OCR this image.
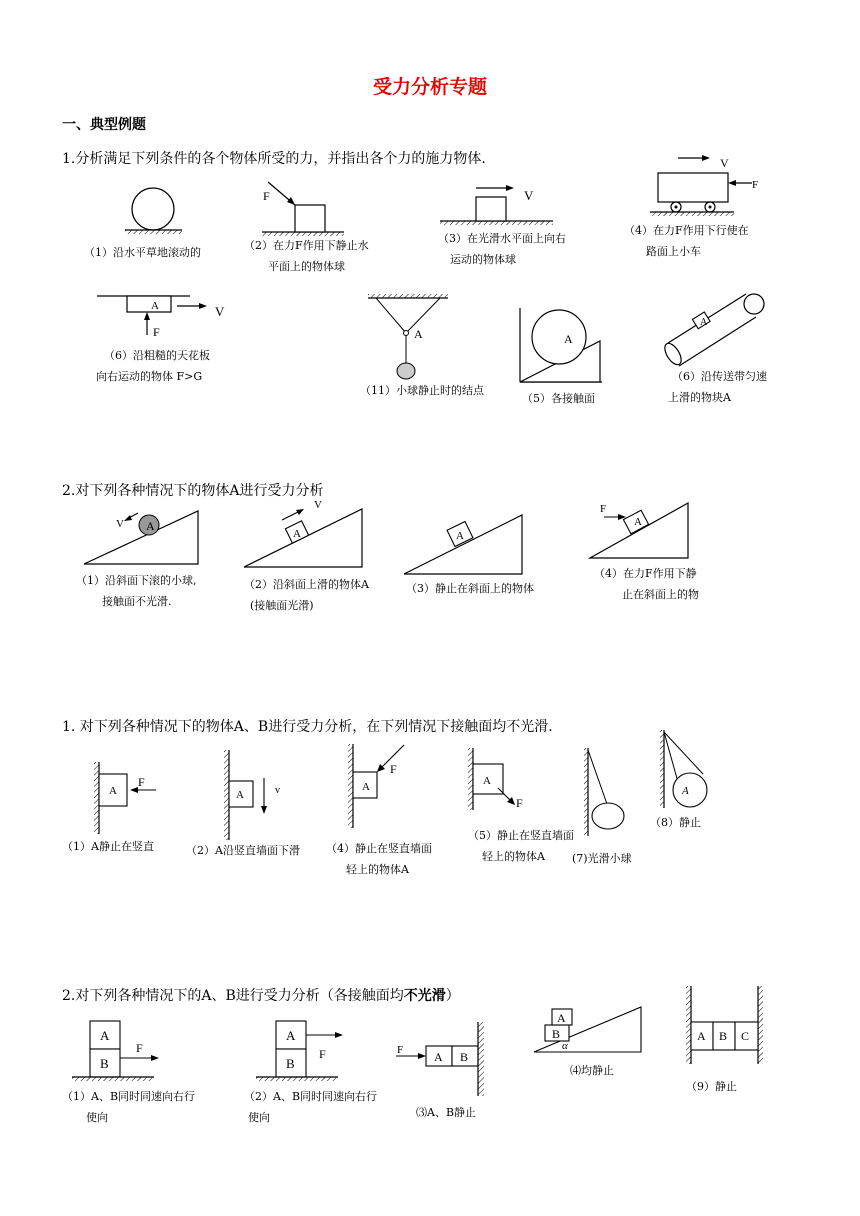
受力分析专题
一、典型例题
1.分析满足下列条件的各个物体所受的力，并指出各个力的施力物体.
（1）沿水平草地滚动的
F
（2）在力F作用下静止水
平面上的物体球
V
（3）在光滑水平面上向右
运动的物体球
V
F
（4）在力F作用下行使在
路面上小车
A	V
F
（6）沿粗糙的天花板
向右运动的物体 F>G
A
（11）小球静止时的结点
A
（5）各接触面
A
（6）沿传送带匀速
上滑的物块A
2.对下列各种情况下的物体A进行受力分析
A
V
（1）沿斜面下滚的小球,
接触面不光滑.
A
V
（2）沿斜面上滑的物体A
(接触面光滑)
A
（3）静止在斜面上的物体
A
F
（4）在力F作用下静
止在斜面上的物
1. 对下列各种情况下的物体A、B进行受力分析，在下列情况下接触面均不光滑.
A
F
（1）A静止在竖直
A	v
（2）A沿竖直墙面下滑
A
F
（4）静止在竖直墙面
轻上的物体A
A
F
（5）静止在竖直墙面
轻上的物体A	(7)光滑小球
A
（8）静止
2.对下列各种情况下的A、B进行受力分析（各接触面均不光滑）
A
B
F
（1）A、B同时同速向右行
使向
A
B
F
（2）A、B同时同速向右行
使向
F	A B
⑶A、B静止
B
A
α
⑷均静止
A B C
（9）静止
